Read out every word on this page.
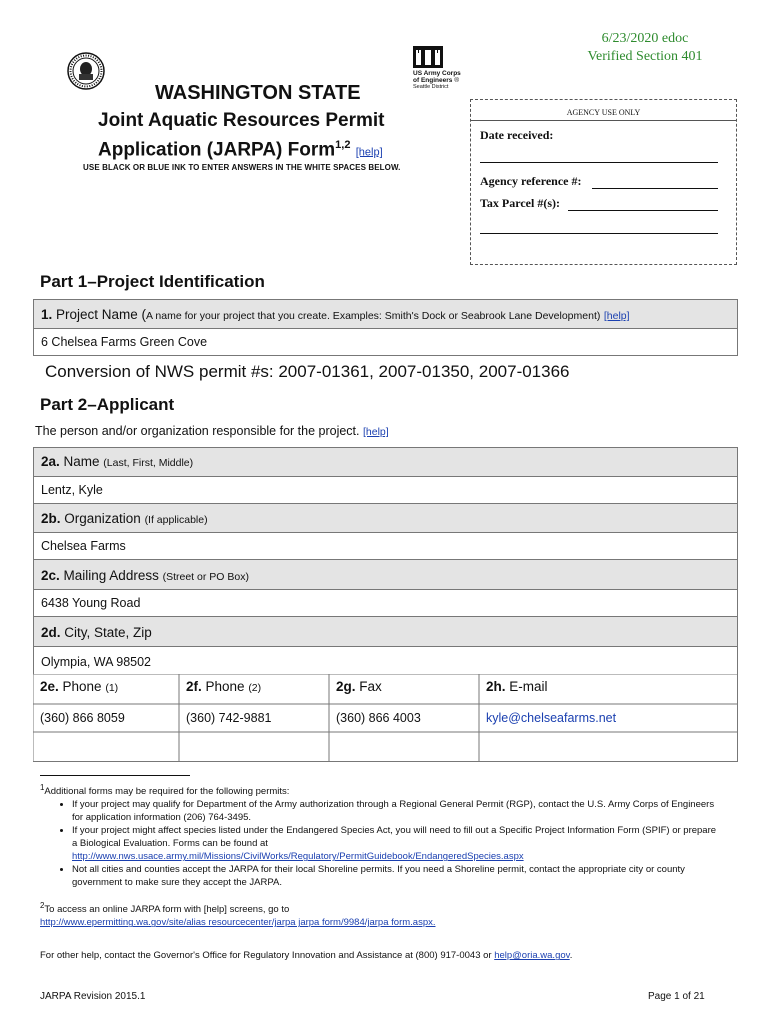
6/23/2020 edoc
Verified Section 401
US Army Corps
of Engineers ®
Seattle District
WASHINGTON STATE
Joint Aquatic Resources Permit
Application (JARPA) Form$^{1,2}$ [help]
USE BLACK OR BLUE INK TO ENTER ANSWERS IN THE WHITE SPACES BELOW.
AGENCY USE ONLY
Date received:
Agency reference #:
Tax Parcel #(s):
Part 1–Project Identification
1. Project Name (A name for your project that you create. Examples: Smith's Dock or Seabrook Lane Development) [help]
6 Chelsea Farms Green Cove
Conversion of NWS permit #s: 2007-01361, 2007-01350, 2007-01366
Part 2–Applicant
The person and/or organization responsible for the project. [help]
2a. Name (Last, First, Middle)
Lentz, Kyle
2b. Organization (If applicable)
Chelsea Farms
2c. Mailing Address (Street or PO Box)
6438 Young Road
2d. City, State, Zip
Olympia, WA 98502
2e. Phone (1)	2f. Phone (2)	2g. Fax	2h. E-mail
(360) 866 8059	(360) 742-9881	(360) 866 4003	kyle@chelseafarms.net
$^1$Additional forms may be required for the following permits:
• If your project may qualify for Department of the Army authorization through a Regional General Permit (RGP), contact the U.S. Army Corps of Engineers for application information (206) 764-3495.
• If your project might affect species listed under the Endangered Species Act, you will need to fill out a Specific Project Information Form (SPIF) or prepare a Biological Evaluation. Forms can be found at
http://www.nws.usace.army.mil/Missions/CivilWorks/Regulatory/PermitGuidebook/EndangeredSpecies.aspx
• Not all cities and counties accept the JARPA for their local Shoreline permits. If you need a Shoreline permit, contact the appropriate city or county government to make sure they accept the JARPA.
$^2$To access an online JARPA form with [help] screens, go to
http://www.epermitting.wa.gov/site/alias resourcecenter/jarpa jarpa form/9984/jarpa form.aspx.
For other help, contact the Governor's Office for Regulatory Innovation and Assistance at (800) 917-0043 or help@oria.wa.gov.
JARPA Revision 2015.1	Page 1 of 21
